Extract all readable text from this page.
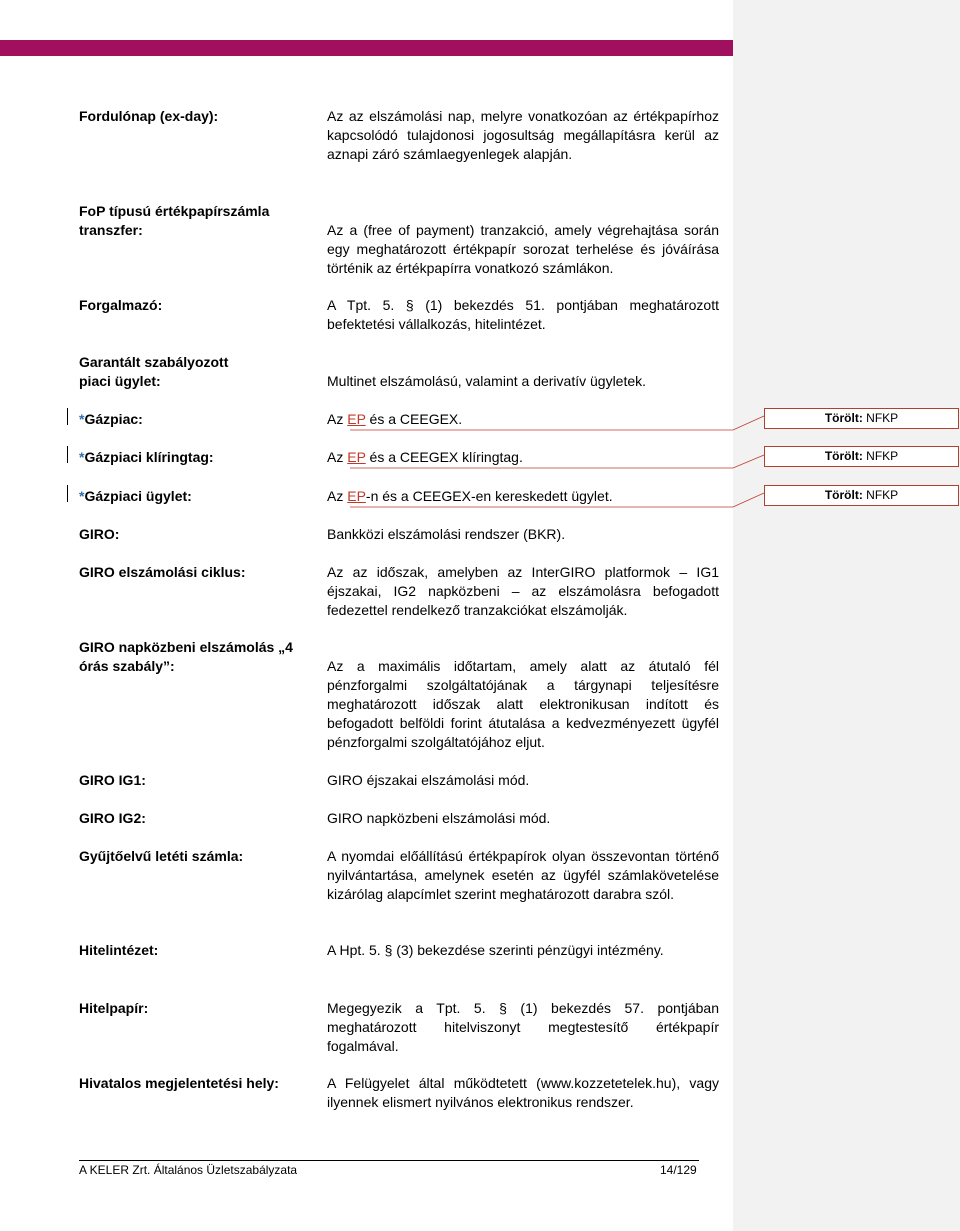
Fordulónap (ex-day):	Az az elszámolási nap, melyre vonatkozóan az értékpapírhoz kapcsolódó tulajdonosi jogosultság megállapításra kerül az aznapi záró számlaegyenlegek alapján.
FoP típusú értékpapírszámla transzfer:	Az a (free of payment) tranzakció, amely végrehajtása során egy meghatározott értékpapír sorozat terhelése és jóváírása történik az értékpapírra vonatkozó számlákon.
Forgalmazó:	A Tpt. 5. § (1) bekezdés 51. pontjában meghatározott befektetési vállalkozás, hitelintézet.
Garantált szabályozott piaci ügylet:	Multinet elszámolású, valamint a derivatív ügyletek.
*Gázpiac:	Az EP és a CEEGEX.	Törölt: NFKP
*Gázpiaci klíringtag:	Az EP és a CEEGEX klíringtag.	Törölt: NFKP
*Gázpiaci ügylet:	Az EP-n és a CEEGEX-en kereskedett ügylet.	Törölt: NFKP
GIRO:	Bankközi elszámolási rendszer (BKR).
GIRO elszámolási ciklus:	Az az időszak, amelyben az InterGIRO platformok – IG1 éjszakai, IG2 napközbeni – az elszámolásra befogadott fedezettel rendelkező tranzakciókat elszámolják.
GIRO napközbeni elszámolás „4 órás szabály”:	Az a maximális időtartam, amely alatt az átutaló fél pénzforgalmi szolgáltatójának a tárgynapi teljesítésre meghatározott időszak alatt elektronikusan indított és befogadott belföldi forint átutalása a kedvezményezett ügyfél pénzforgalmi szolgáltatójához eljut.
GIRO IG1:	GIRO éjszakai elszámolási mód.
GIRO IG2:	GIRO napközbeni elszámolási mód.
Gyűjtőelvű letéti számla:	A nyomdai előállítású értékpapírok olyan összevontan történő nyilvántartása, amelynek esetén az ügyfél számlakövetelése kizárólag alapcímlet szerint meghatározott darabra szól.
Hitelintézet:	A Hpt. 5. § (3) bekezdése szerinti pénzügyi intézmény.
Hitelpapír:	Megegyezik a Tpt. 5. § (1) bekezdés 57. pontjában meghatározott hitelviszonyt megtestesítő értékpapír fogalmával.
Hivatalos megjelentetési hely:	A Felügyelet által működtetett (www.kozzetetelek.hu), vagy ilyennek elismert nyilvános elektronikus rendszer.
A KELER Zrt. Általános Üzletszabályzata	14/129
